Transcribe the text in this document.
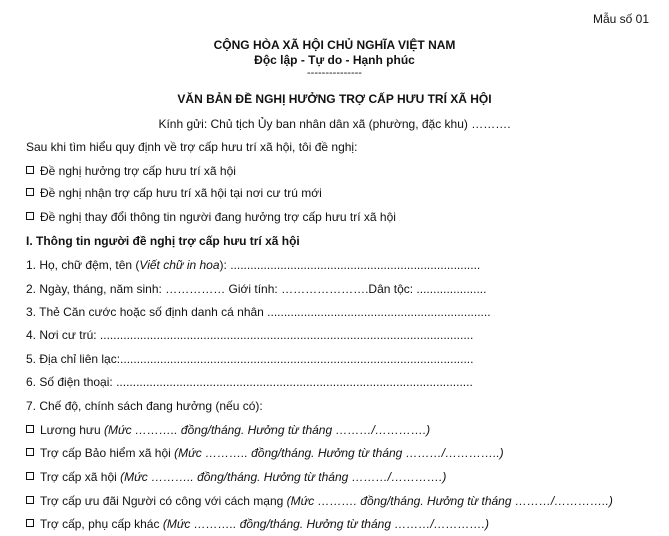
Mẫu số 01
CỘNG HÒA XÃ HỘI CHỦ NGHĨA VIỆT NAM
Độc lập - Tự do - Hạnh phúc
---------------
VĂN BẢN ĐỀ NGHỊ HƯỞNG TRỢ CẤP HƯU TRÍ XÃ HỘI
Kính gửi: Chủ tịch Ủy ban nhân dân xã (phường, đặc khu) ……….
Sau khi tìm hiểu quy định về trợ cấp hưu trí xã hội, tôi đề nghị:
Đề nghị hưởng trợ cấp hưu trí xã hội
Đề nghị nhận trợ cấp hưu trí xã hội tại nơi cư trú mới
Đề nghị thay đổi thông tin người đang hưởng trợ cấp hưu trí xã hội
I. Thông tin người đề nghị trợ cấp hưu trí xã hội
1. Họ, chữ đệm, tên (Viết chữ in hoa): ...........................................................................
2. Ngày, tháng, năm sinh: …………… Giới tính: ………………….Dân tộc: .....................
3. Thẻ Căn cước hoặc số định danh cá nhân ...................................................................
4. Nơi cư trú: ................................................................................................................
5. Địa chỉ liên lạc:..........................................................................................................
6. Số điện thoại: ...........................................................................................................
7. Chế độ, chính sách đang hưởng (nếu có):
Lương hưu (Mức ……….. đồng/tháng. Hưởng từ tháng ………/………….)
Trợ cấp Bảo hiểm xã hội (Mức ……….. đồng/tháng. Hưởng từ tháng ………/…………..)
Trợ cấp xã hội (Mức ……….. đồng/tháng. Hưởng từ tháng ………/………….)
Trợ cấp ưu đãi Người có công với cách mạng (Mức ………. đồng/tháng. Hưởng từ tháng ………/…………..)
Trợ cấp, phụ cấp khác (Mức ……….. đồng/tháng. Hưởng từ tháng ………/………….)
